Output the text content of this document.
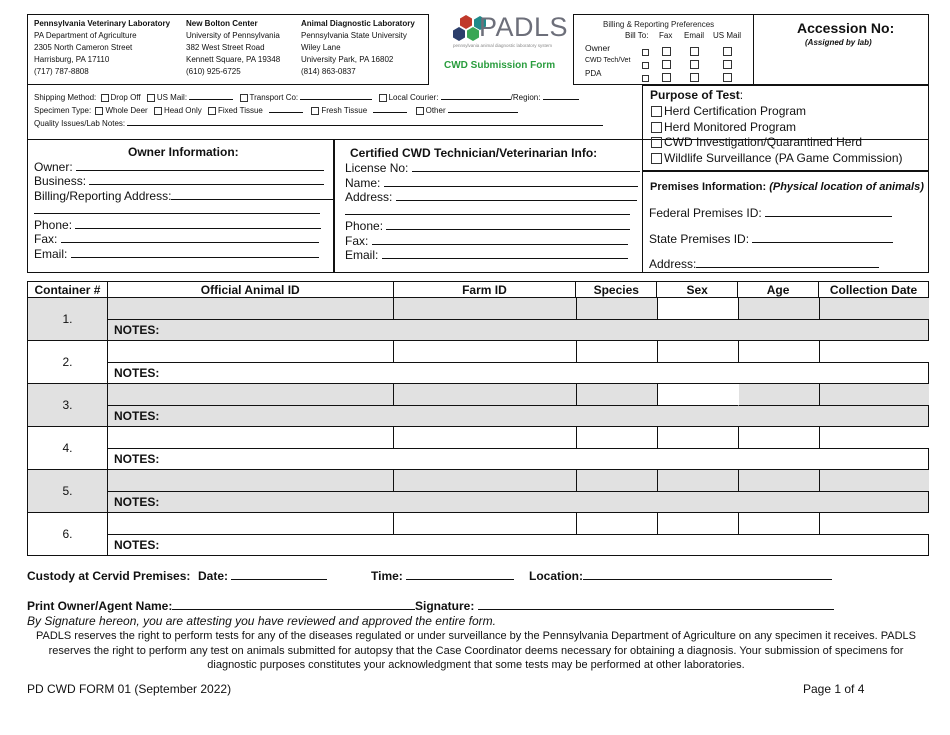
Pennsylvania Veterinary Laboratory
PA Department of Agriculture
2305 North Cameron Street
Harrisburg, PA 17110
(717) 787-8808
New Bolton Center
University of Pennsylvania
382 West Street Road
Kennett Square, PA 19348
(610) 925-6725
Animal Diagnostic Laboratory
Pennsylvania State University
Wiley Lane
University Park, PA 16802
(814) 863-0837
PADLS
pennsylvania animal diagnostic laboratory system
CWD Submission Form
Billing & Reporting Preferences
Bill To: Fax Email US Mail
Owner
CWD Tech/Vet
PDA
Accession No:
(Assigned by lab)
Shipping Method: Drop Off US Mail:	Transport Co:	Local Courier:	/Region:
Specimen Type: Whole Deer Head Only Fixed Tissue	Fresh Tissue	Other
Quality Issues/Lab Notes:
Purpose of Test:
Herd Certification Program
Herd Monitored Program
CWD Investigation/Quarantined Herd
Wildlife Surveillance (PA Game Commission)
Owner Information:
Owner:
Business:
Billing/Reporting Address:
Phone:
Fax:
Email:
Certified CWD Technician/Veterinarian Info:
License No:
Name:
Address:
Phone:
Fax:
Email:
Premises Information: (Physical location of animals)
Federal Premises ID:
State Premises ID:
Address:
Container #	Official Animal ID	Farm ID	Species	Sex	Age	Collection Date
1.
NOTES:
2.
NOTES:
3.
NOTES:
4.
NOTES:
5.
NOTES:
6.
NOTES:
Custody at Cervid Premises: Date:	Time:	Location:
Print Owner/Agent Name:	Signature:
By Signature hereon, you are attesting you have reviewed and approved the entire form.
PADLS reserves the right to perform tests for any of the diseases regulated or under surveillance by the Pennsylvania Department of Agriculture on any specimen it receives. PADLS reserves the right to perform any test on animals submitted for autopsy that the Case Coordinator deems necessary for obtaining a diagnosis. Your submission of specimens for diagnostic purposes constitutes your acknowledgment that some tests may be performed at other laboratories.
PD CWD FORM 01 (September 2022)	Page 1 of 4
